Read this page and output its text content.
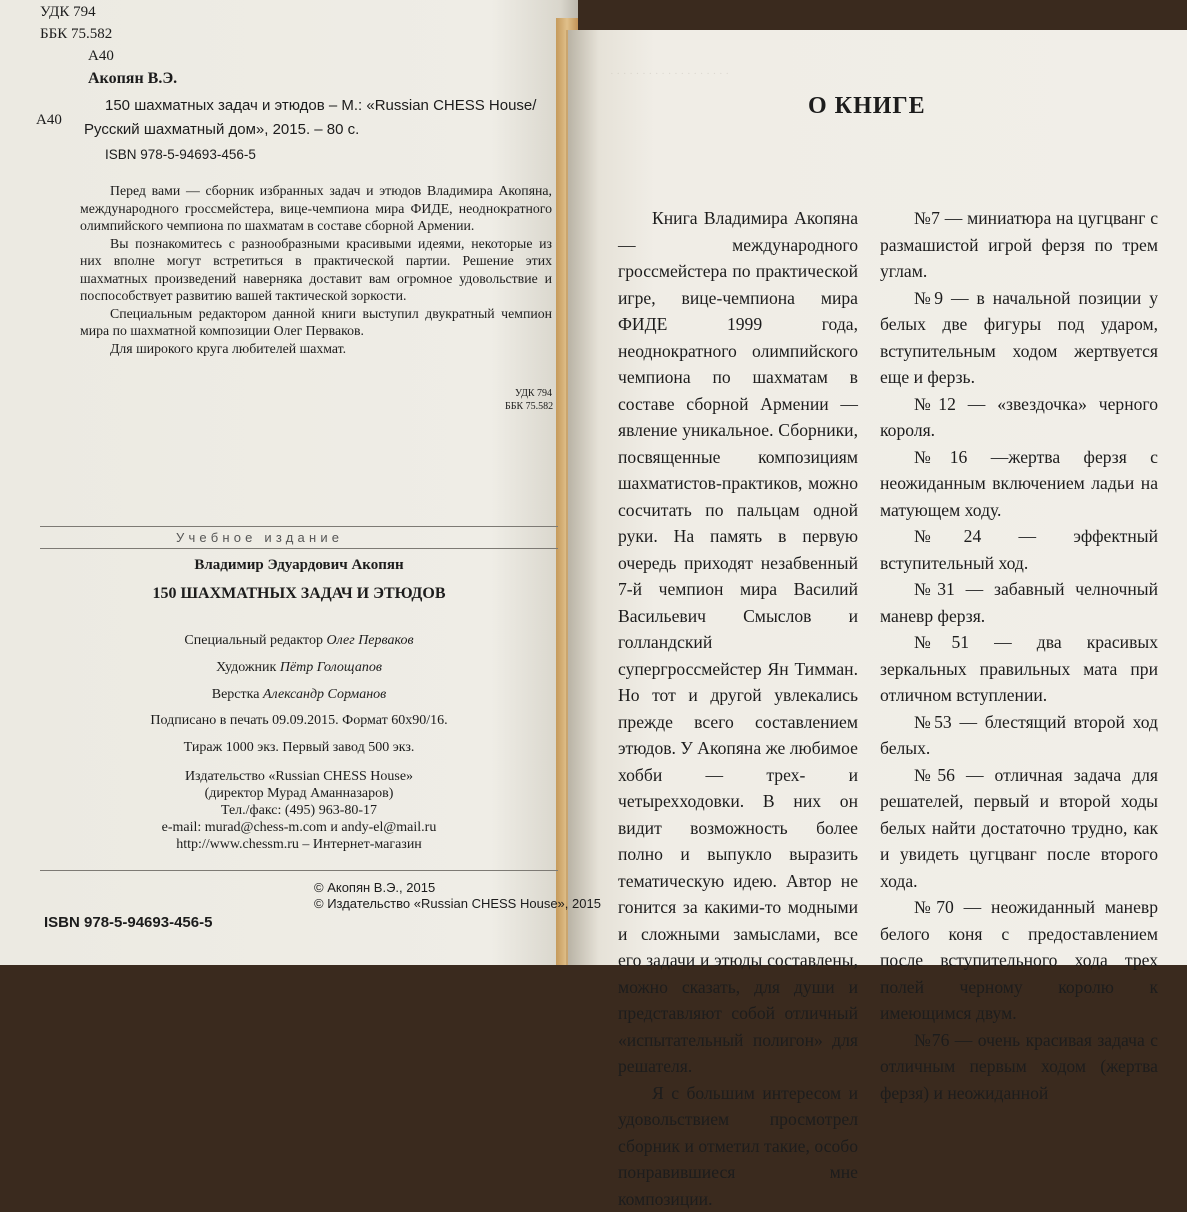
УДК 794
ББК 75.582
А40
Акопян В.Э.
А40
150 шахматных задач и этюдов – М.: «Russian CHESS House/
Русский шахматный дом», 2015. – 80 с.
ISBN 978-5-94693-456-5

Перед вами — сборник избранных задач и этюдов Владимира Акопяна, международного гроссмейстера, вице-чемпиона мира ФИДЕ, неоднократного олимпийского чемпиона по шахматам в составе сборной Армении.

Вы познакомитесь с разнообразными красивыми идеями, некоторые из них вполне могут встретиться в практической партии. Решение этих шахматных произведений наверняка доставит вам огромное удовольствие и поспособствует развитию вашей тактической зоркости.

Специальным редактором данной книги выступил двукратный чемпион мира по шахматной композиции Олег Перваков.

Для широкого круга любителей шахмат.

УДК 794
ББК 75.582
Учебное издание
Владимир Эдуардович Акопян
150 ШАХМАТНЫХ ЗАДАЧ И ЭТЮДОВ
Специальный редактор Олег Перваков
Художник Пётр Голощапов
Верстка Александр Сорманов
Подписано в печать 09.09.2015. Формат 60х90/16.
Тираж 1000 экз. Первый завод 500 экз.
Издательство «Russian CHESS House»
(директор Мурад Аманназаров)
Тел./факс: (495) 963-80-17
e-mail: murad@chess-m.com и andy-el@mail.ru
http://www.chessm.ru – Интернет-магазин
© Акопян В.Э., 2015
© Издательство «Russian CHESS House», 2015
ISBN 978-5-94693-456-5
· · · · · · · · · · · · · · · · · · ·
О КНИГЕ

Книга Владимира Акопяна — международного гроссмейстера по практической игре, вице-чемпиона мира ФИДЕ 1999 года, неоднократного олимпийского чемпиона по шахматам в составе сборной Армении — явление уникальное. Сборники, посвященные композициям шахматистов-практиков, можно сосчитать по пальцам одной руки. На память в первую очередь приходят незабвенный 7-й чемпион мира Василий Васильевич Смыслов и голландский супергроссмейстер Ян Тимман. Но тот и другой увлекались прежде всего составлением этюдов. У Акопяна же любимое хобби — трех- и четырехходовки. В них он видит возможность более полно и выпукло выразить тематическую идею. Автор не гонится за какими-то модными и сложными замыслами, все его задачи и этюды составлены, можно сказать, для души и представляют собой отличный «испытательный полигон» для решателя.

Я с большим интересом и удовольствием просмотрел сборник и отметил такие, особо понравившиеся мне композиции.

№7 — миниатюра на цугцванг с размашистой игрой ферзя по трем углам.

№9 — в начальной позиции у белых две фигуры под ударом, вступительным ходом жертвуется еще и ферзь.

№12 — «звездочка» черного короля.

№16 —жертва ферзя с неожиданным включением ладьи на матующем ходу.

№24 — эффектный вступительный ход.

№31 — забавный челночный маневр ферзя.

№51 — два красивых зеркальных правильных мата при отличном вступлении.

№53 — блестящий второй ход белых.

№56 — отличная задача для решателей, первый и второй ходы белых найти достаточно трудно, как и увидеть цугцванг после второго хода.

№70 — неожиданный маневр белого коня с предоставлением после вступительного хода трех полей черному королю к имеющимся двум.

№76 — очень красивая задача с отличным первым ходом (жертва ферзя) и неожиданной
